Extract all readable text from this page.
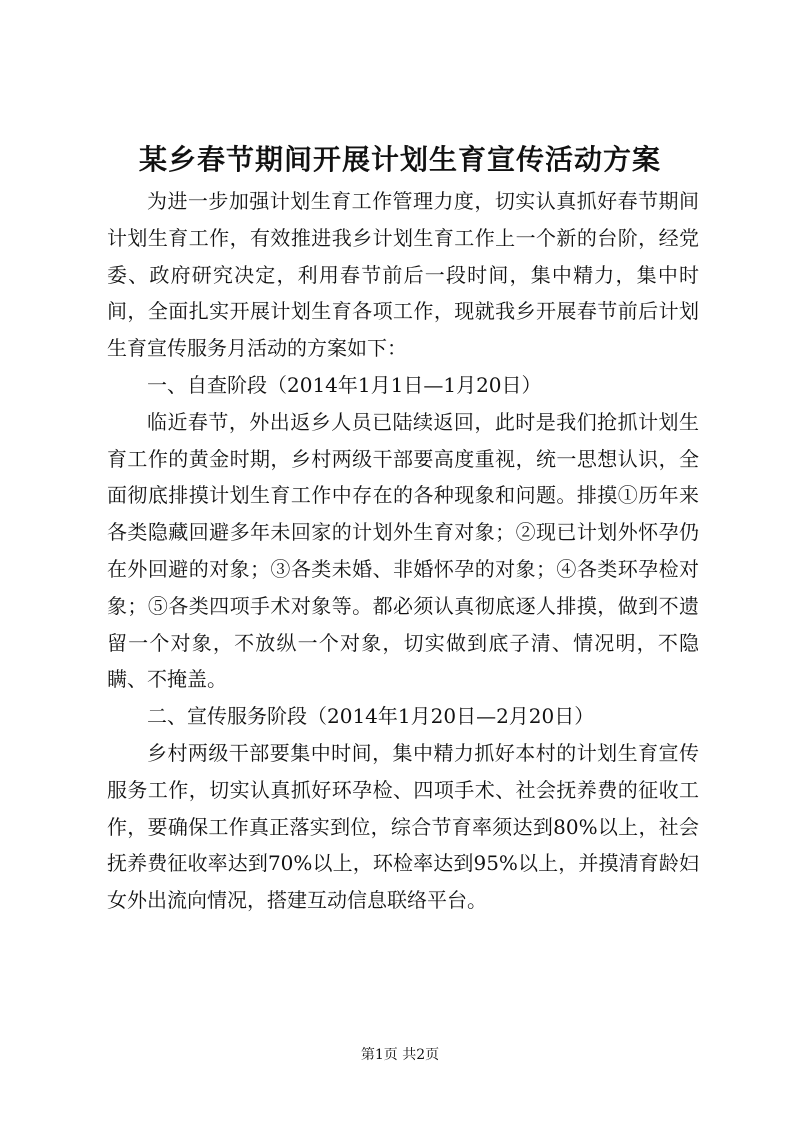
某乡春节期间开展计划生育宣传活动方案

为进一步加强计划生育工作管理力度，切实认真抓好春节期间计划生育工作，有效推进我乡计划生育工作上一个新的台阶，经党委、政府研究决定，利用春节前后一段时间，集中精力，集中时间，全面扎实开展计划生育各项工作，现就我乡开展春节前后计划生育宣传服务月活动的方案如下：

一、自查阶段（2014年1月1日—1月20日）

临近春节，外出返乡人员已陆续返回，此时是我们抢抓计划生育工作的黄金时期，乡村两级干部要高度重视，统一思想认识，全面彻底排摸计划生育工作中存在的各种现象和问题。排摸①历年来各类隐藏回避多年未回家的计划外生育对象；②现已计划外怀孕仍在外回避的对象；③各类未婚、非婚怀孕的对象；④各类环孕检对象；⑤各类四项手术对象等。都必须认真彻底逐人排摸，做到不遗留一个对象，不放纵一个对象，切实做到底子清、情况明，不隐瞒、不掩盖。

二、宣传服务阶段（2014年1月20日—2月20日）

乡村两级干部要集中时间，集中精力抓好本村的计划生育宣传服务工作，切实认真抓好环孕检、四项手术、社会抚养费的征收工作，要确保工作真正落实到位，综合节育率须达到80%以上，社会抚养费征收率达到70%以上，环检率达到95%以上，并摸清育龄妇女外出流向情况，搭建互动信息联络平台。

第1页 共2页
